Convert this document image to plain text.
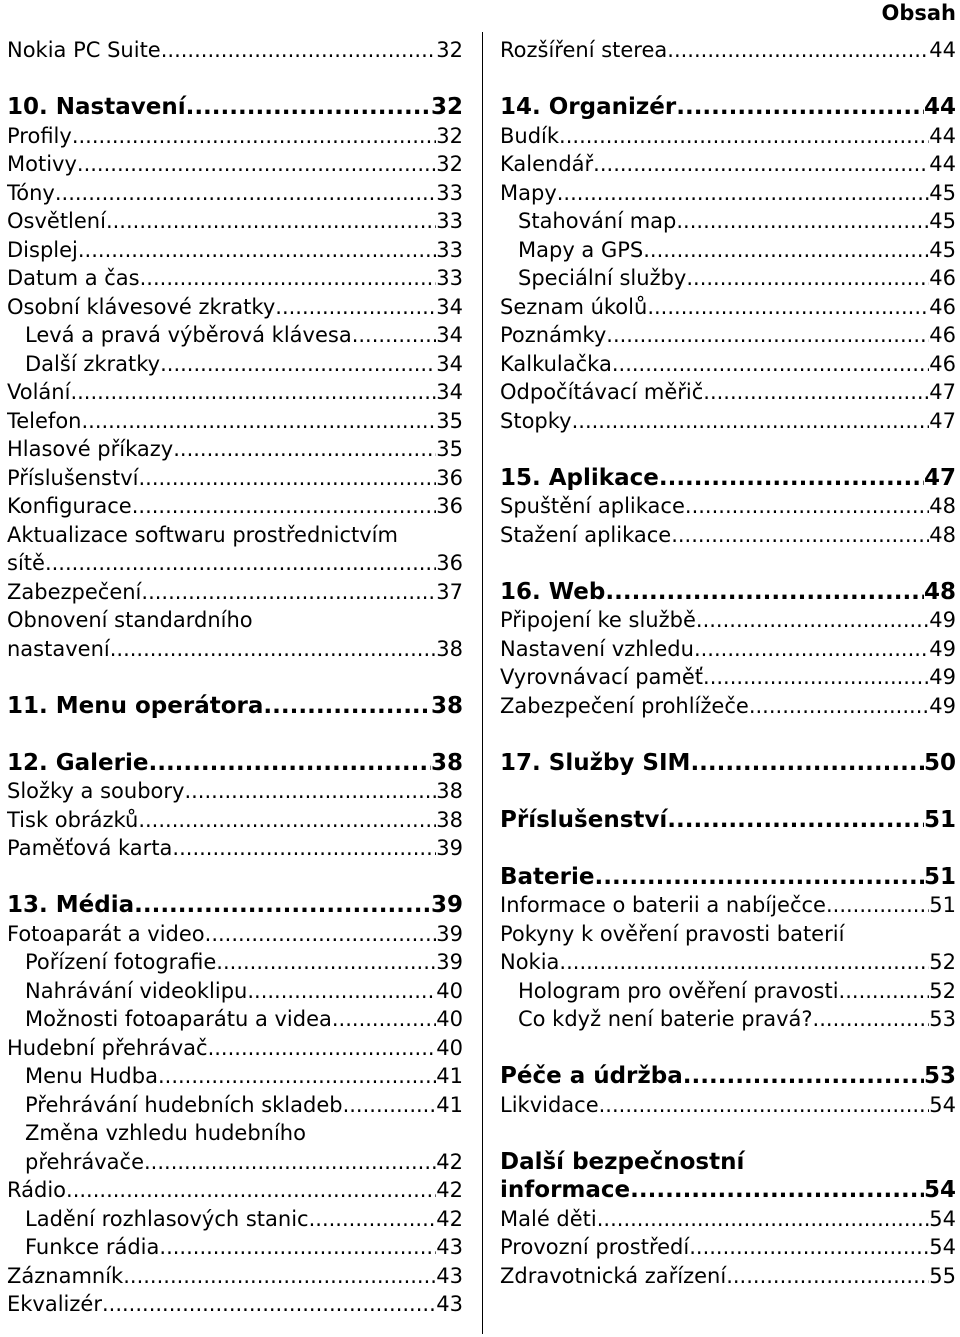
Obsah
Nokia PC Suite .....	32
10. Nastavení .....	32
Profily .....	32
Motivy .....	32
Tóny .....	33
Osvětlení .....	33
Displej .....	33
Datum a čas .....	33
Osobní klávesové zkratky .....	34
Levá a pravá výběrová klávesa .....	34
Další zkratky .....	34
Volání .....	34
Telefon .....	35
Hlasové příkazy .....	35
Příslušenství .....	36
Konfigurace .....	36
Aktualizace softwaru prostřednictvím
sítě .....	36
Zabezpečení .....	37
Obnovení standardního
nastavení .....	38
11. Menu operátora .....	38
12. Galerie .....	38
Složky a soubory .....	38
Tisk obrázků .....	38
Paměťová karta .....	39
13. Média .....	39
Fotoaparát a video .....	39
Pořízení fotografie .....	39
Nahrávání videoklipu .....	40
Možnosti fotoaparátu a videa .....	40
Hudební přehrávač .....	40
Menu Hudba .....	41
Přehrávání hudebních skladeb .....	41
Změna vzhledu hudebního
přehrávače .....	42
Rádio .....	42
Ladění rozhlasových stanic .....	42
Funkce rádia .....	43
Záznamník .....	43
Ekvalizér .....	43
Rozšíření sterea .....	44
14. Organizér .....	44
Budík .....	44
Kalendář .....	44
Mapy .....	45
Stahování map .....	45
Mapy a GPS .....	45
Speciální služby .....	46
Seznam úkolů .....	46
Poznámky .....	46
Kalkulačka .....	46
Odpočítávací měřič .....	47
Stopky .....	47
15. Aplikace .....	47
Spuštění aplikace .....	48
Stažení aplikace .....	48
16. Web .....	48
Připojení ke službě .....	49
Nastavení vzhledu .....	49
Vyrovnávací paměť .....	49
Zabezpečení prohlížeče .....	49
17. Služby SIM .....	50
Příslušenství .....	51
Baterie .....	51
Informace o baterii a nabíječce .....	51
Pokyny k ověření pravosti baterií
Nokia .....	52
Hologram pro ověření pravosti .....	52
Co když není baterie pravá? .....	53
Péče a údržba .....	53
Likvidace .....	54
Další bezpečnostní
informace .....	54
Malé děti .....	54
Provozní prostředí .....	54
Zdravotnická zařízení .....	55
